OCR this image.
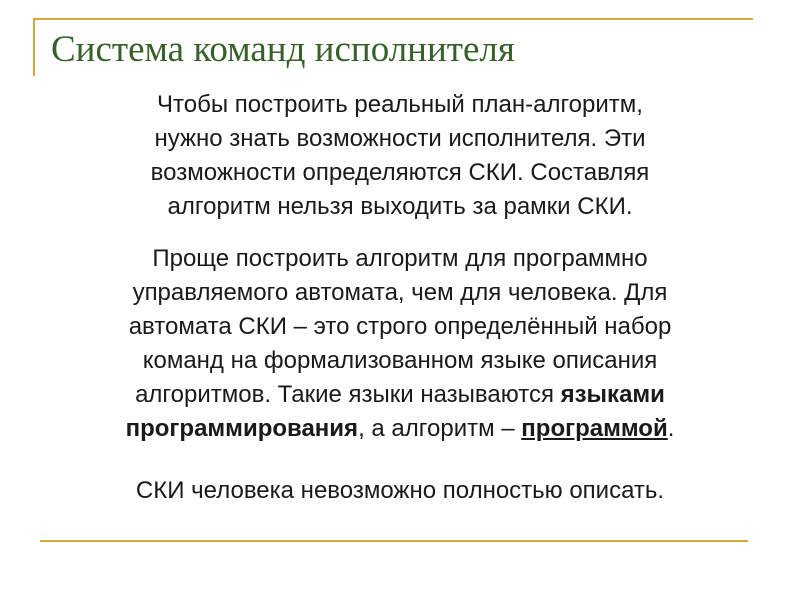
Система команд исполнителя

Чтобы построить реальный план-алгоритм,
нужно знать возможности исполнителя. Эти
возможности определяются СКИ. Составляя
алгоритм нельзя выходить за рамки СКИ.

Проще построить алгоритм для программно
управляемого автомата, чем для человека. Для
автомата СКИ – это строго определённый набор
команд на формализованном языке описания
алгоритмов. Такие языки называются языками
программирования, а алгоритм – программой.

СКИ человека невозможно полностью описать.
